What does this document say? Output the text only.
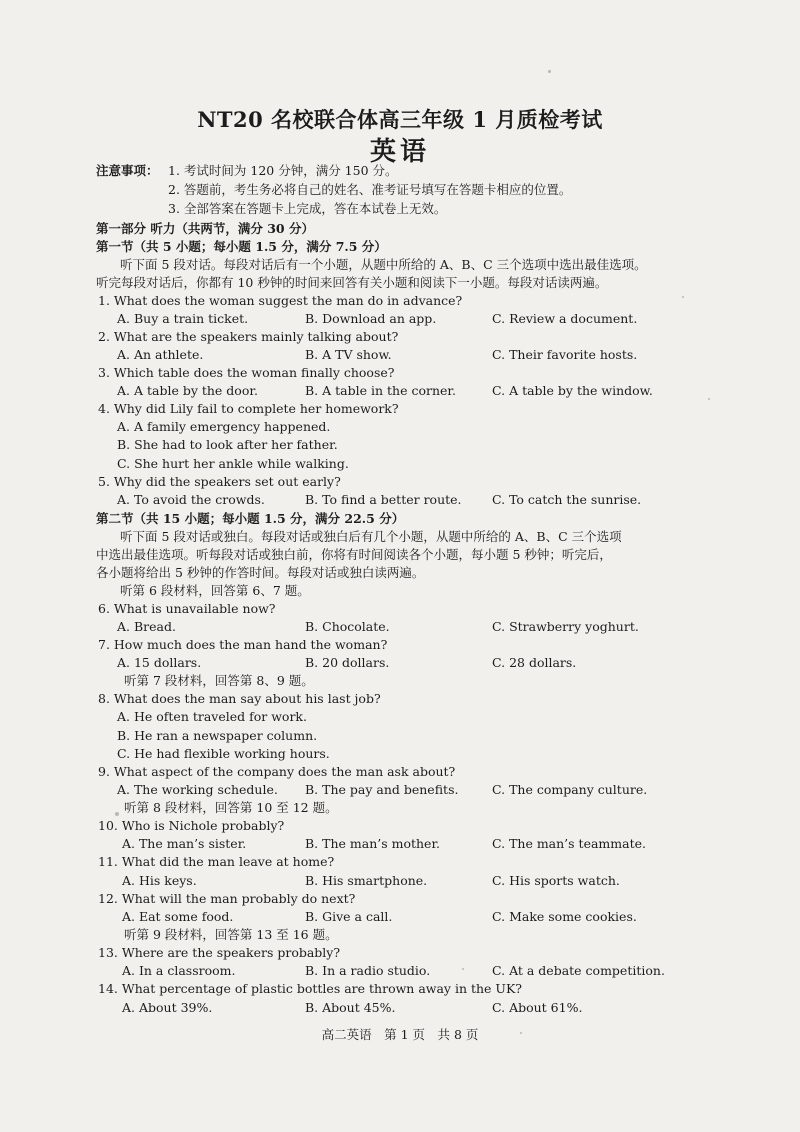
NT20 名校联合体高三年级 1 月质检考试
英语
注意事项： 1. 考试时间为 120 分钟，满分 150 分。
2. 答题前，考生务必将自己的姓名、准考证号填写在答题卡相应的位置。
3. 全部答案在答题卡上完成，答在本试卷上无效。
第一部分 听力（共两节，满分 30 分）
第一节（共 5 小题；每小题 1.5 分，满分 7.5 分）
听下面 5 段对话。每段对话后有一个小题，从题中所给的 A、B、C 三个选项中选出最佳选项。
听完每段对话后，你都有 10 秒钟的时间来回答有关小题和阅读下一小题。每段对话读两遍。
1. What does the woman suggest the man do in advance?
A. Buy a train ticket.	B. Download an app.	C. Review a document.
2. What are the speakers mainly talking about?
A. An athlete.	B. A TV show.	C. Their favorite hosts.
3. Which table does the woman finally choose?
A. A table by the door.	B. A table in the corner.	C. A table by the window.
4. Why did Lily fail to complete her homework?
A. A family emergency happened.
B. She had to look after her father.
C. She hurt her ankle while walking.
5. Why did the speakers set out early?
A. To avoid the crowds.	B. To find a better route. C. To catch the sunrise.
第二节（共 15 小题；每小题 1.5 分，满分 22.5 分）
听下面 5 段对话或独白。每段对话或独白后有几个小题，从题中所给的 A、B、C 三个选项
中选出最佳选项。听每段对话或独白前，你将有时间阅读各个小题，每小题 5 秒钟；听完后，
各小题将给出 5 秒钟的作答时间。每段对话或独白读两遍。
听第 6 段材料，回答第 6、7 题。
6. What is unavailable now?
A. Bread.	B. Chocolate.	C. Strawberry yoghurt.
7. How much does the man hand the woman?
A. 15 dollars.	B. 20 dollars.	C. 28 dollars.
听第 7 段材料，回答第 8、9 题。
8. What does the man say about his last job?
A. He often traveled for work.
B. He ran a newspaper column.
C. He had flexible working hours.
9. What aspect of the company does the man ask about?
A. The working schedule. B. The pay and benefits.	C. The company culture.
听第 8 段材料，回答第 10 至 12 题。
10. Who is Nichole probably?
A. The man’s sister.	B. The man’s mother.	C. The man’s teammate.
11. What did the man leave at home?
A. His keys.	B. His smartphone.	C. His sports watch.
12. What will the man probably do next?
A. Eat some food.	B. Give a call.	C. Make some cookies.
听第 9 段材料，回答第 13 至 16 题。
13. Where are the speakers probably?
A. In a classroom.	B. In a radio studio.	C. At a debate competition.
14. What percentage of plastic bottles are thrown away in the UK?
A. About 39%.	B. About 45%.	C. About 61%.
高二英语　第 1 页　共 8 页
